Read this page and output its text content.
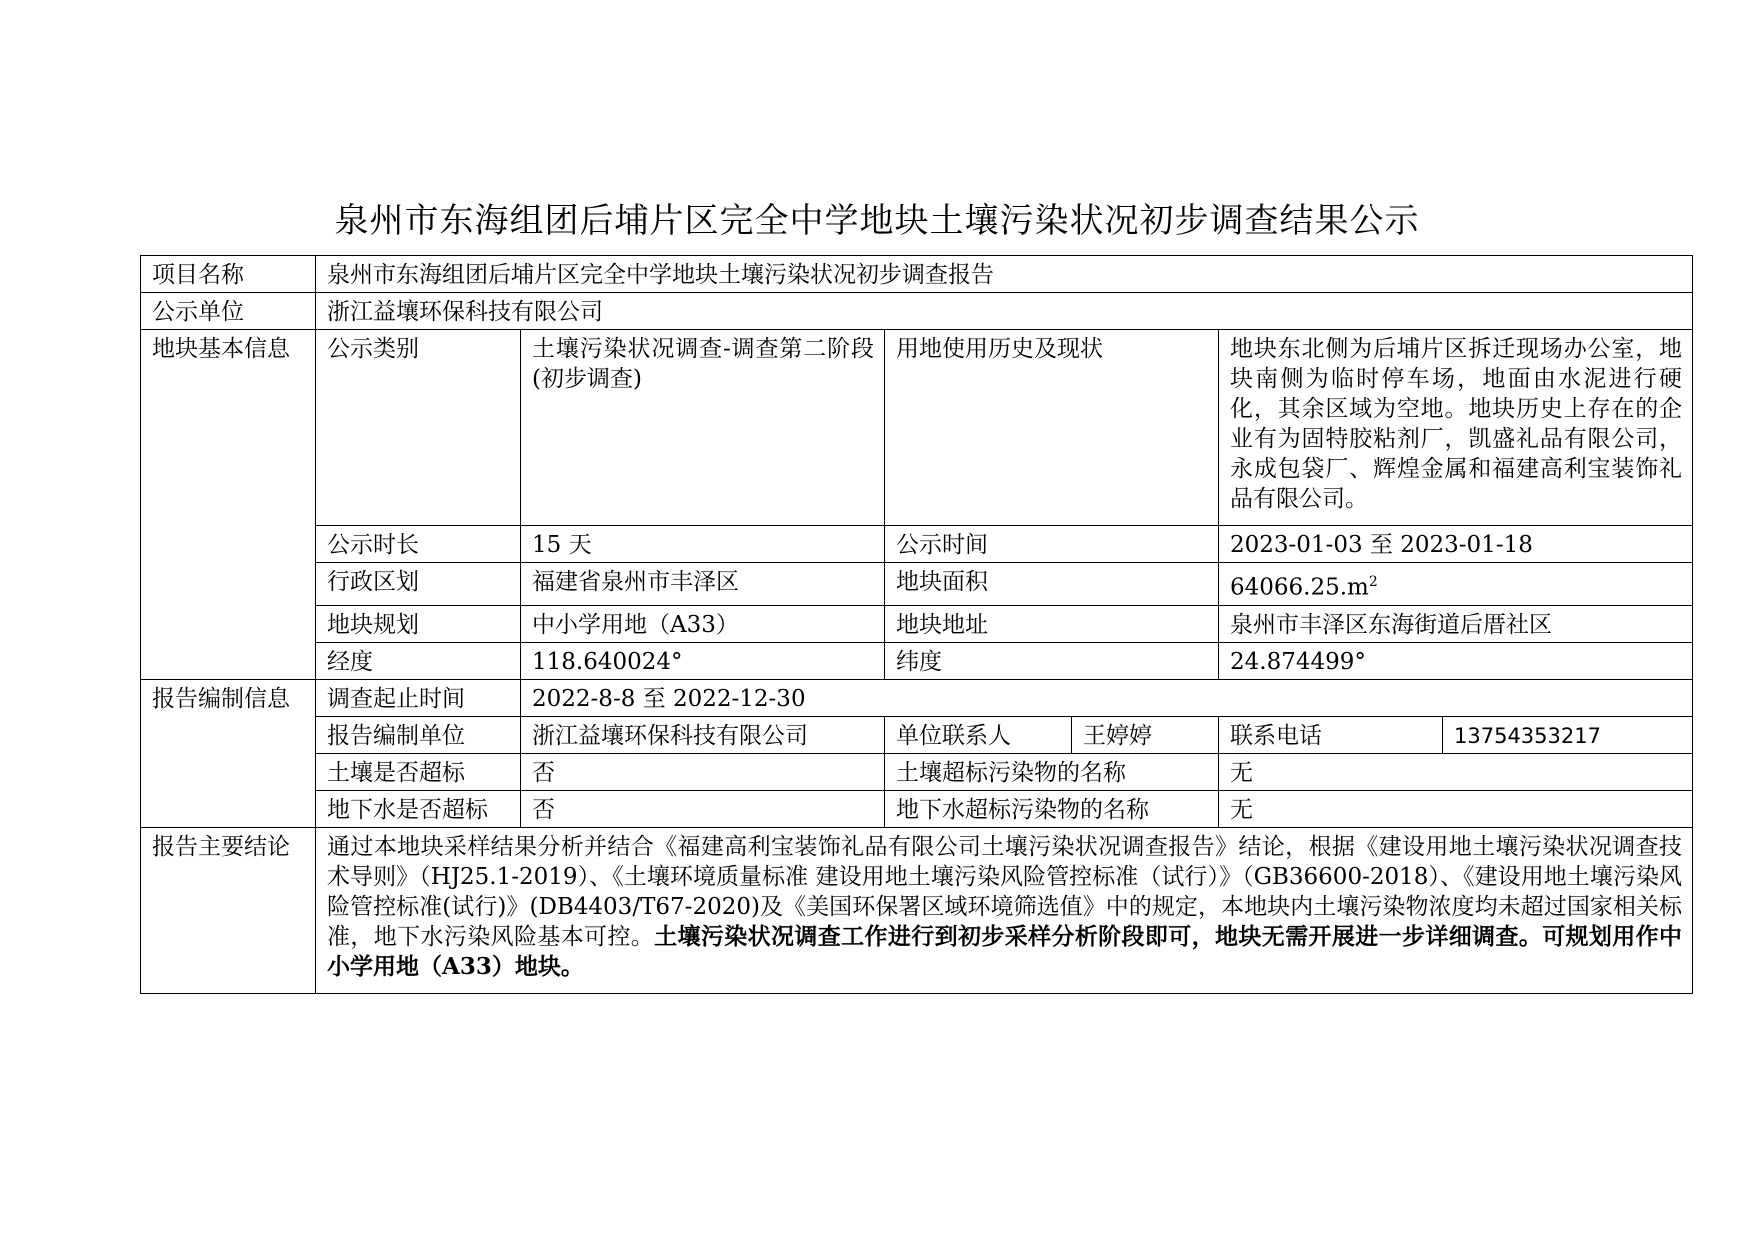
泉州市东海组团后埔片区完全中学地块土壤污染状况初步调查结果公示
项目名称	泉州市东海组团后埔片区完全中学地块土壤污染状况初步调查报告					
公示单位	浙江益壤环保科技有限公司					
地块基本信息	公示类别	土壤污染状况调查-调查第二阶段(初步调查)	用地使用历史及现状		地块东北侧为后埔片区拆迁现场办公室，地块南侧为临时停车场，地面由水泥进行硬化，其余区域为空地。地块历史上存在的企业有为固特胶粘剂厂，凯盛礼品有限公司，永成包袋厂、辉煌金属和福建高利宝装饰礼品有限公司。	

	公示时长	15 天	公示时间		2023-01-03 至 2023-01-18	
	行政区划	福建省泉州市丰泽区	地块面积		$64066.25.m^2$
	地块规划	中小学用地（A33）	地块地址		泉州市丰泽区东海街道后厝社区	
	经度	118.640024°	纬度		24.874499°	
报告编制信息	调查起止时间	2022-8-8 至 2022-12-30				
	报告编制单位	浙江益壤环保科技有限公司	单位联系人	王婷婷	联系电话	13754353217
	土壤是否超标	否	土壤超标污染物的名称		无	
	地下水是否超标	否	地下水超标污染物的名称		无	
报告主要结论	通过本地块采样结果分析并结合《福建高利宝装饰礼品有限公司土壤污染状况调查报告》结论，根据《建设用地土壤污染状况调查技术导则》（HJ25.1-2019）、《土壤环境质量标准 建设用地土壤污染风险管控标准（试行）》（GB36600-2018）、《建设用地土壤污染风险管控标准(试行)》(DB4403/T67-2020)及《美国环保署区域环境筛选值》中的规定，本地块内土壤污染物浓度均未超过国家相关标准，地下水污染风险基本可控。土壤污染状况调查工作进行到初步采样分析阶段即可，地块无需开展进一步详细调查。可规划用作中小学用地（A33）地块。					
